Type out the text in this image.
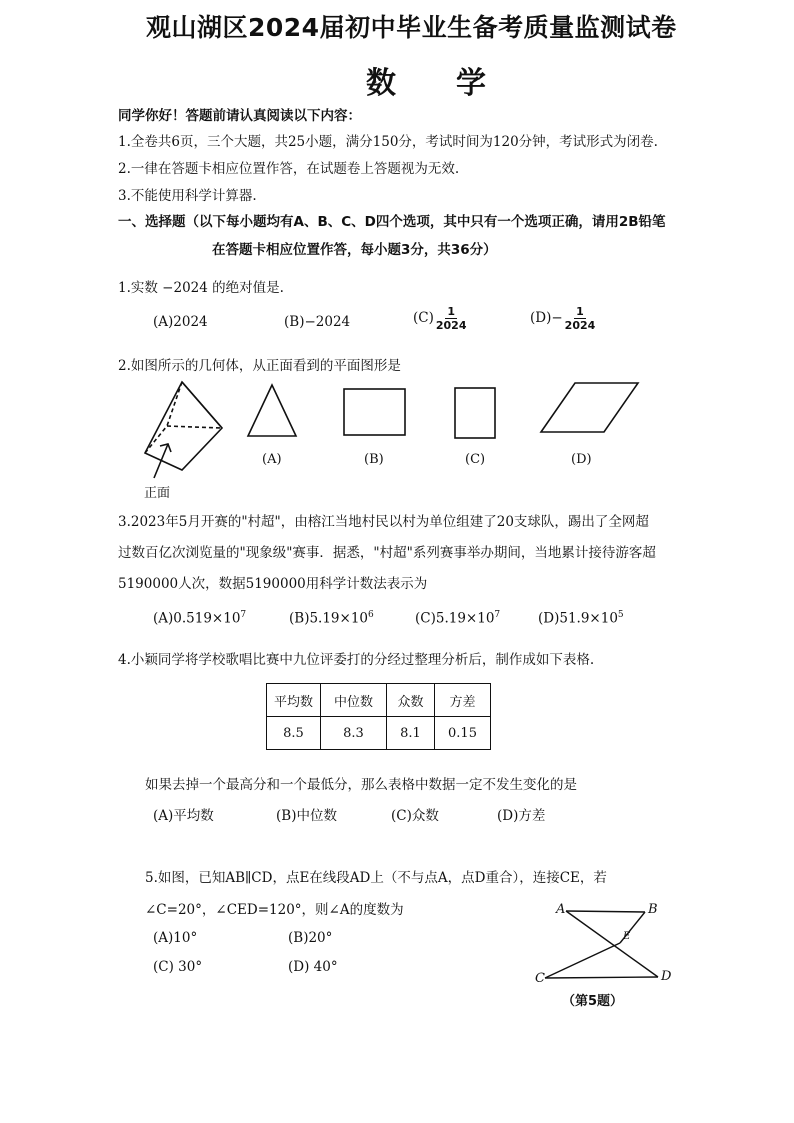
观山湖区2024届初中毕业生备考质量监测试卷
数学
同学你好！答题前请认真阅读以下内容：
1.全卷共6页，三个大题，共25小题，满分150分，考试时间为120分钟，考试形式为闭卷.
2.一律在答题卡相应位置作答，在试题卷上答题视为无效.
3.不能使用科学计算器.
一、选择题（以下每小题均有A、B、C、D四个选项，其中只有一个选项正确，请用2B铅笔
在答题卡相应位置作答，每小题3分，共36分）
1.实数 −2024 的绝对值是.
(A)2024	(B)−2024	$(C) \frac{1}{2024}$	$(D)- \frac{1}{2024}$
2.如图所示的几何体，从正面看到的平面图形是
正面
(A)	(B)	(C)	(D)
3.2023年5月开赛的"村超"，由榕江当地村民以村为单位组建了20支球队，踢出了全网超
过数百亿次浏览量的"现象级"赛事．据悉，"村超"系列赛事举办期间，当地累计接待游客超
5190000人次，数据5190000用科学计数法表示为
$(A)0.519\times 10^7$	$(B)5.19\times 10^6$	$(C)5.19\times 10^7$	$(D)51.9\times 10^5$
4.小颖同学将学校歌唱比赛中九位评委打的分经过整理分析后，制作成如下表格.
平均数	中位数	众数	方差
8.5	8.3	8.1	0.15
如果去掉一个最高分和一个最低分，那么表格中数据一定不发生变化的是
(A)平均数	(B)中位数	(C)众数	(D)方差
5.如图，已知AB∥CD，点E在线段AD上（不与点A，点D重合），连接CE，若
∠C=20°，∠CED=120°，则∠A的度数为
(A)10°	(B)20°
(C) 30°	(D) 40°
A	B
C	D
E
（第5题）
